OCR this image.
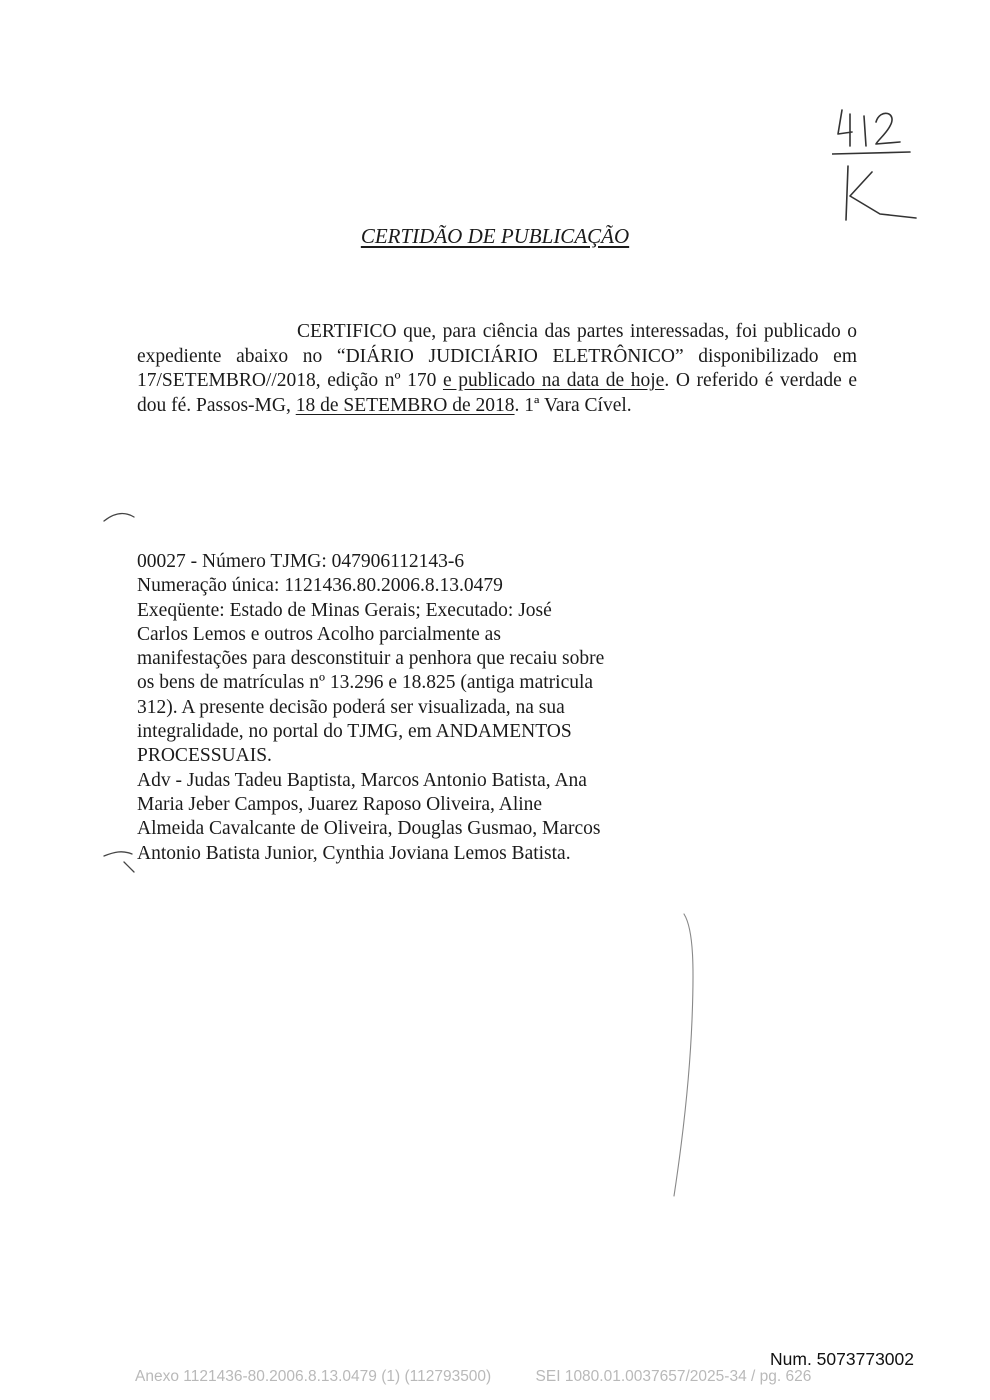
CERTIDÃO DE PUBLICAÇÃO
CERTIFICO que, para ciência das partes interessadas, foi publicado o expediente abaixo no “DIÁRIO JUDICIÁRIO ELETRÔNICO” disponibilizado em 17/SETEMBRO//2018, edição nº 170 e publicado na data de hoje. O referido é verdade e dou fé. Passos-MG, 18 de SETEMBRO de 2018. 1ª Vara Cível.

00027 - Número TJMG: 047906112143-6

Numeração única: 1121436.80.2006.8.13.0479

Exeqüente: Estado de Minas Gerais; Executado: José Carlos Lemos e outros Acolho parcialmente as manifestações para desconstituir a penhora que recaiu sobre os bens de matrículas nº 13.296 e 18.825 (antiga matricula 312). A presente decisão poderá ser visualizada, na sua integralidade, no portal do TJMG, em ANDAMENTOS PROCESSUAIS.

Adv - Judas Tadeu Baptista, Marcos Antonio Batista, Ana Maria Jeber Campos, Juarez Raposo Oliveira, Aline Almeida Cavalcante de Oliveira, Douglas Gusmao, Marcos Antonio Batista Junior, Cynthia Joviana Lemos Batista.

Num. 5073773002
Anexo 1121436-80.2006.8.13.0479 (1) (112793500)	SEI 1080.01.0037657/2025-34 / pg. 626
